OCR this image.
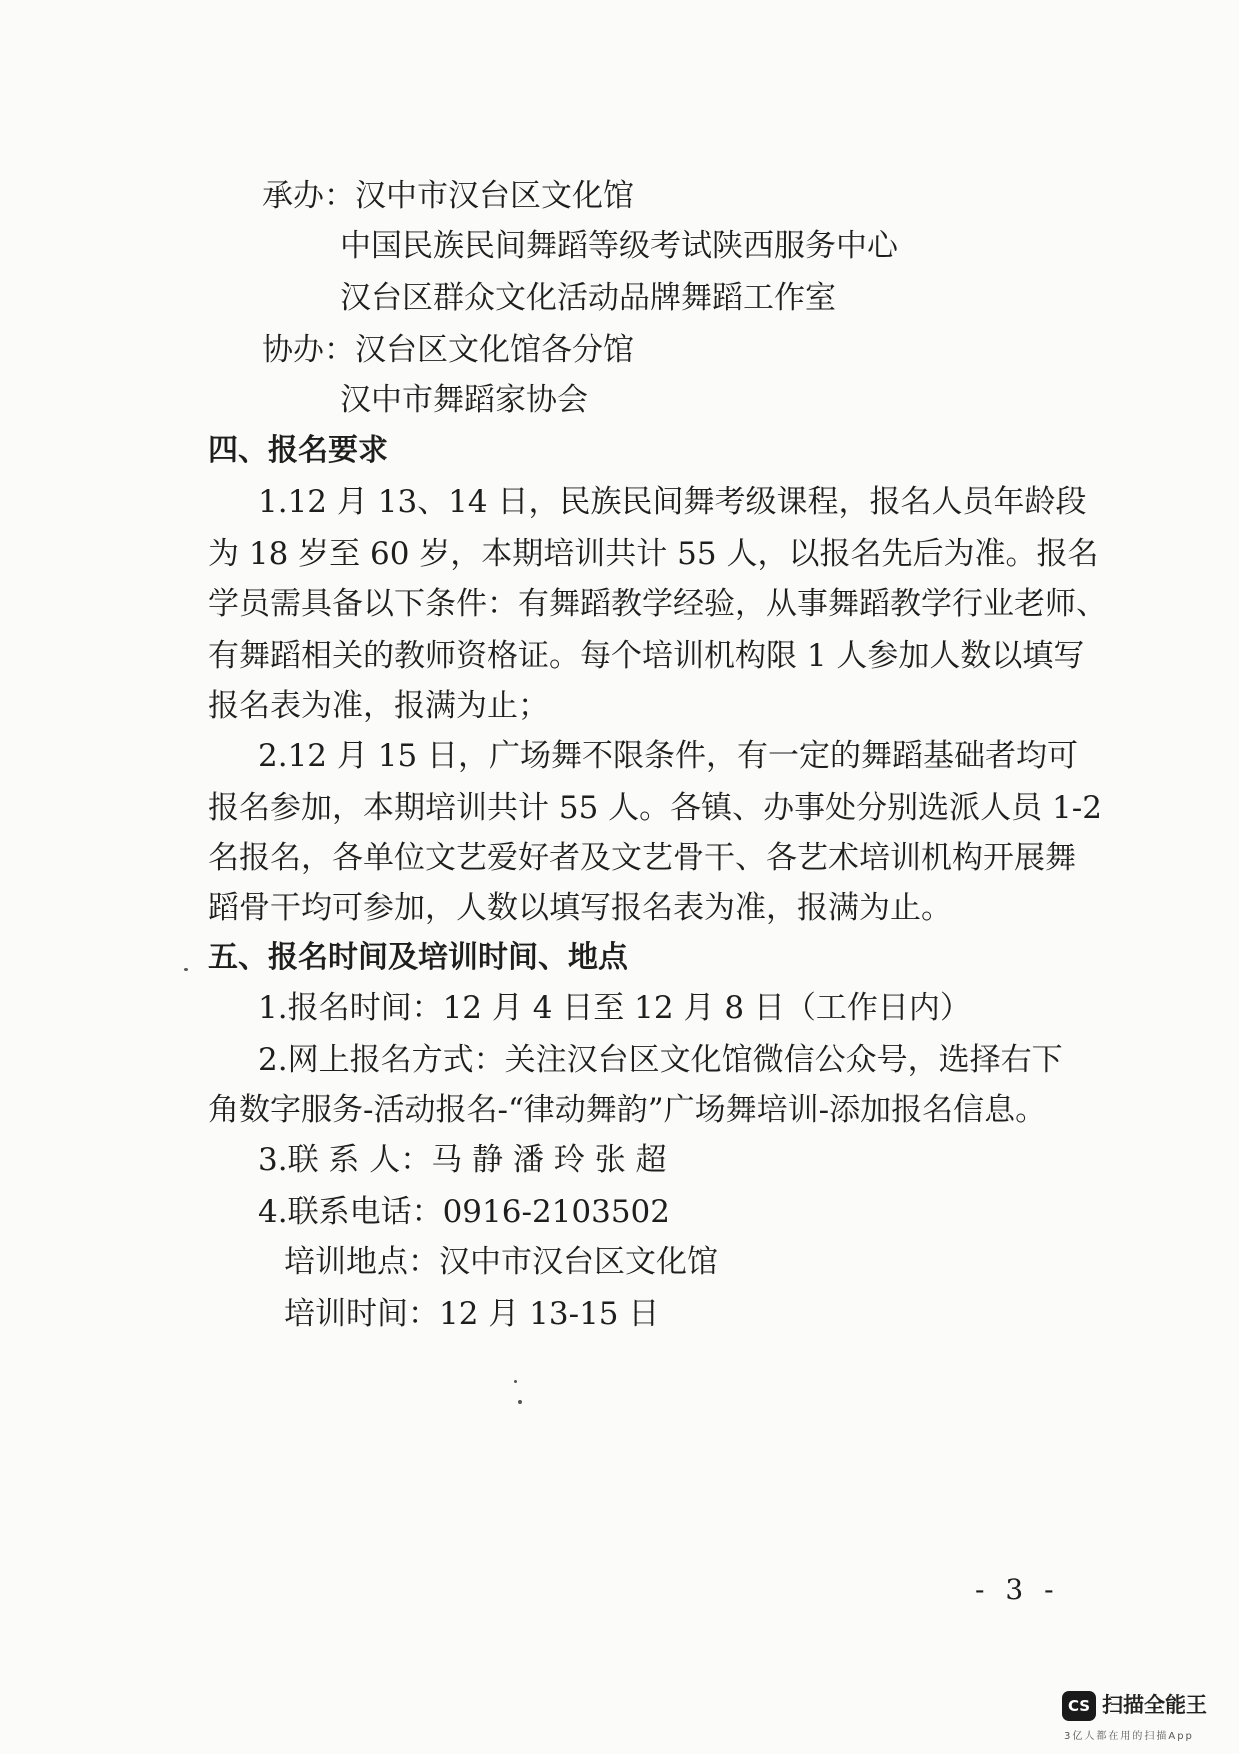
承办：汉中市汉台区文化馆
中国民族民间舞蹈等级考试陕西服务中心
汉台区群众文化活动品牌舞蹈工作室
协办：汉台区文化馆各分馆
汉中市舞蹈家协会
四、报名要求
1.12 月 13、14 日，民族民间舞考级课程，报名人员年龄段
为 18 岁至 60 岁，本期培训共计 55 人，以报名先后为准。报名
学员需具备以下条件：有舞蹈教学经验，从事舞蹈教学行业老师、
有舞蹈相关的教师资格证。每个培训机构限 1 人参加人数以填写
报名表为准，报满为止；
2.12 月 15 日，广场舞不限条件，有一定的舞蹈基础者均可
报名参加，本期培训共计 55 人。各镇、办事处分别选派人员 1-2
名报名，各单位文艺爱好者及文艺骨干、各艺术培训机构开展舞
蹈骨干均可参加，人数以填写报名表为准，报满为止。
五、报名时间及培训时间、地点
1.报名时间：12 月 4 日至 12 月 8 日（工作日内）
2.网上报名方式：关注汉台区文化馆微信公众号，选择右下
角数字服务-活动报名-“律动舞韵”广场舞培训-添加报名信息。
3.联 系 人：马 静 潘 玲 张 超
4.联系电话：0916-2103502
培训地点：汉中市汉台区文化馆
培训时间：12 月 13-15 日
- 3 -
CS 扫描全能王
3亿人都在用的扫描App
